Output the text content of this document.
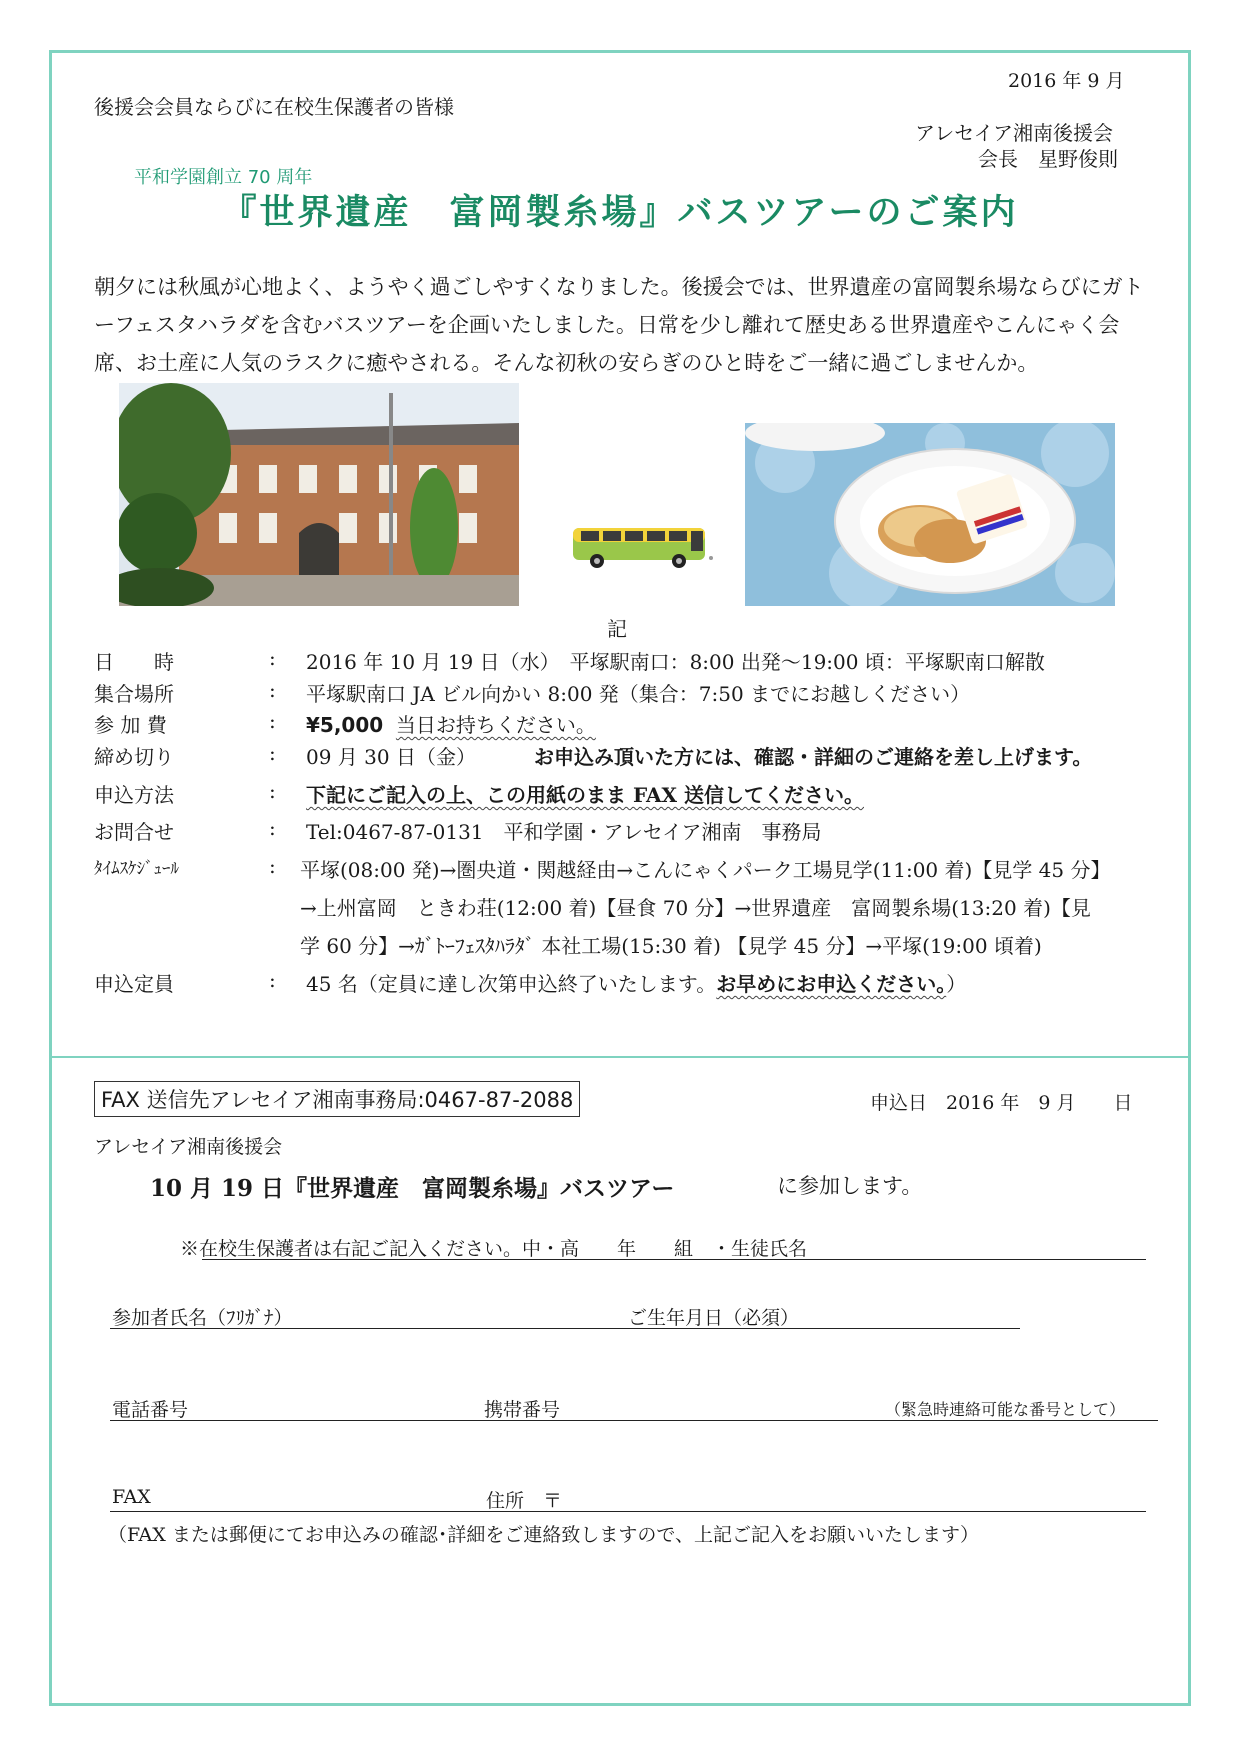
2016 年 9 月
後援会会員ならびに在校生保護者の皆様
アレセイア湘南後援会
会長　星野俊則
平和学園創立 70 周年
『世界遺産　富岡製糸場』バスツアーのご案内
朝夕には秋風が心地よく、ようやく過ごしやすくなりました。後援会では、世界遺産の富岡製糸場ならびにガトーフェスタハラダを含むバスツアーを企画いたしました。日常を少し離れて歴史ある世界遺産やこんにゃく会席、お土産に人気のラスクに癒やされる。そんな初秋の安らぎのひと時をご一緒に過ごしませんか。
記
日　　時	: 2016 年 10 月 19 日（水）　平塚駅南口：8:00 出発～19:00 頃：平塚駅南口解散
集合場所	: 平塚駅南口 JA ビル向かい 8:00 発（集合：7:50 までにお越しください）
参 加 費	: ¥5,000 当日お持ちください。
締め切り	: 09 月 30 日（金）	お申込み頂いた方には、確認・詳細のご連絡を差し上げます。
申込方法	: 下記にご記入の上、この用紙のまま FAX 送信してください。
お問合せ	: Tel:0467-87-0131　平和学園・アレセイア湘南　事務局
ﾀｲﾑｽｹｼﾞｭｰﾙ	: 平塚(08:00 発)→圏央道・関越経由→こんにゃくパーク工場見学(11:00 着)【見学 45 分】
→上州富岡　ときわ荘(12:00 着)【昼食 70 分】→世界遺産　富岡製糸場(13:20 着)【見
学 60 分】→ｶﾞﾄｰﾌｪｽﾀﾊﾗﾀﾞ 本社工場(15:30 着) 【見学 45 分】→平塚(19:00 頃着)
申込定員	: 45 名（定員に達し次第申込終了いたします。お早めにお申込ください。）
FAX 送信先アレセイア湘南事務局:0467-87-2088	申込日　2016 年　9 月　　日
アレセイア湘南後援会
10 月 19 日『世界遺産　富岡製糸場』バスツアー	に参加します。
※在校生保護者は右記ご記入ください。中・高　　年　　組　・生徒氏名
参加者氏名（ﾌﾘｶﾞﾅ）	ご生年月日（必須）
電話番号	携帯番号	（緊急時連絡可能な番号として）
FAX	住所　〒
（FAX または郵便にてお申込みの確認･詳細をご連絡致しますので、上記ご記入をお願いいたします）
